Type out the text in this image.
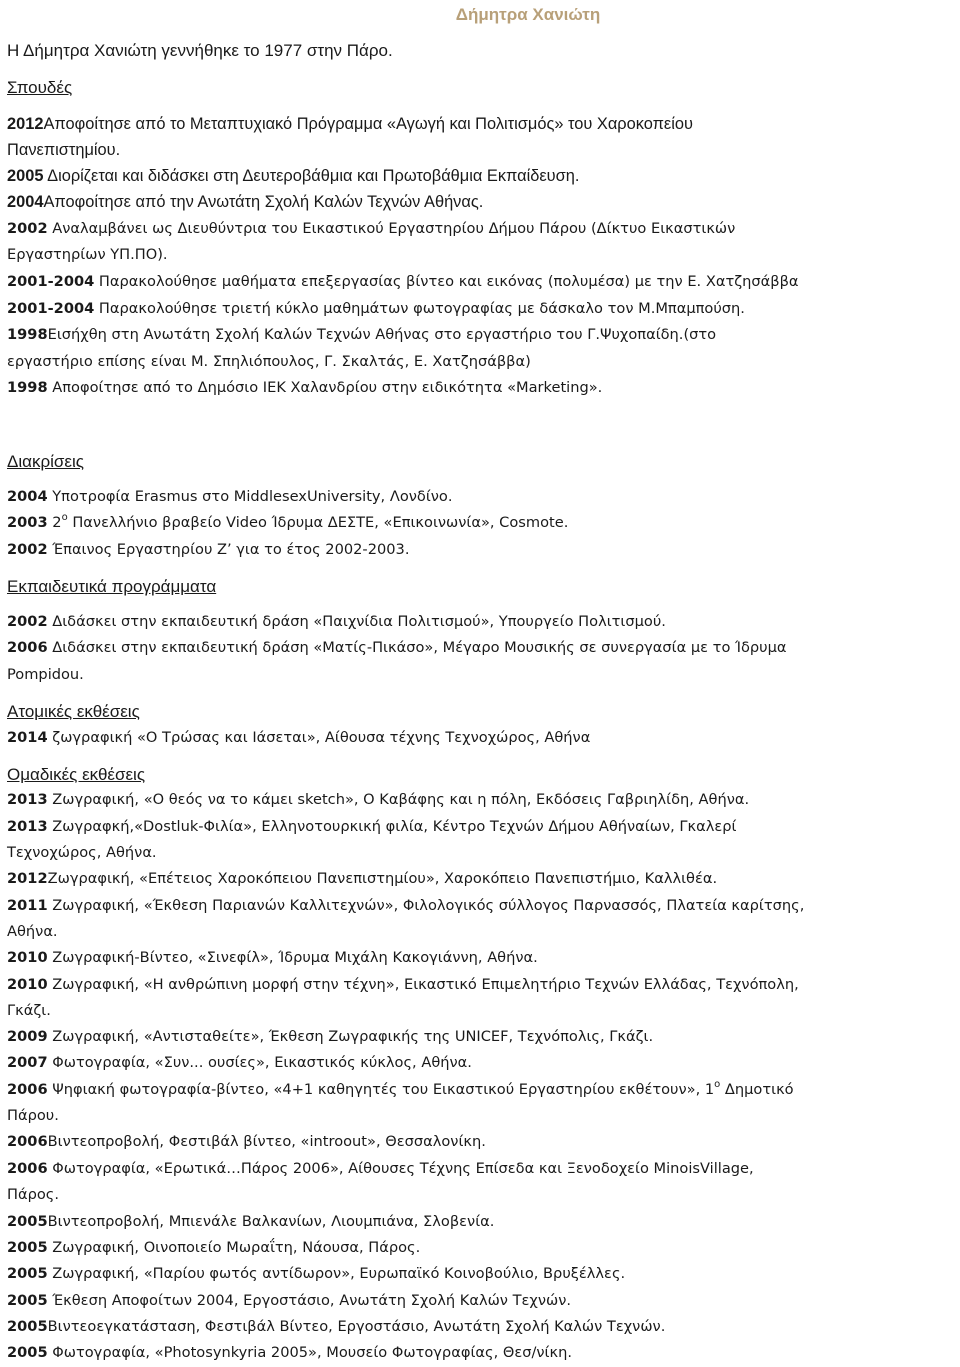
Δήμητρα Χανιώτη
Η Δήμητρα Χανιώτη γεννήθηκε το 1977 στην Πάρο.
Σπουδές
2012Αποφοίτησε από το Μεταπτυχιακό Πρόγραμμα «Αγωγή και Πολιτισμός» του Χαροκοπείου
Πανεπιστημίου.
2005 Διορίζεται και διδάσκει στη Δευτεροβάθμια και Πρωτοβάθμια Εκπαίδευση.
2004Αποφοίτησε από την Ανωτάτη Σχολή Καλών Τεχνών Αθήνας.
2002 Αναλαμβάνει ως Διευθύντρια του Εικαστικού Εργαστηρίου Δήμου Πάρου (Δίκτυο Εικαστικών
Εργαστηρίων ΥΠ.ΠΟ).
2001-2004 Παρακολούθησε μαθήματα επεξεργασίας βίντεο και εικόνας (πολυμέσα) με την Ε. Χατζησάββα
2001-2004 Παρακολούθησε τριετή κύκλο μαθημάτων φωτογραφίας με δάσκαλο τον Μ.Μπαμπούση.
1998Εισήχθη στη Ανωτάτη Σχολή Καλών Τεχνών Αθήνας στο εργαστήριο του Γ.Ψυχοπαίδη.(στο
εργαστήριο επίσης είναι Μ. Σπηλιόπουλος, Γ. Σκαλτάς, Ε. Χατζησάββα)
1998 Αποφοίτησε από το Δημόσιο ΙΕΚ Χαλανδρίου στην ειδικότητα «Marketing».
Διακρίσεις
2004 Υποτροφία Erasmus στο MiddlesexUniversity, Λονδίνο.
2003 $2^o$ Πανελλήνιο βραβείο Video Ίδρυμα ΔΕΣΤΕ, «Επικοινωνία», Cosmote.
2002 Έπαινος Εργαστηρίου Ζ’ για το έτος 2002-2003.
Εκπαιδευτικά προγράμματα
2002 Διδάσκει στην εκπαιδευτική δράση «Παιχνίδια Πολιτισμού», Υπουργείο Πολιτισμού.
2006 Διδάσκει στην εκπαιδευτική δράση «Ματίς-Πικάσο», Μέγαρο Μουσικής σε συνεργασία με το Ίδρυμα
Pompidou.
Ατομικές εκθέσεις
2014 ζωγραφική «Ο Τρώσας και Ιάσεται», Αίθουσα τέχνης Τεχνοχώρος, Αθήνα
Ομαδικές εκθέσεις
2013 Ζωγραφική, «Ο θεός να το κάμει sketch», Ο Καβάφης και η πόλη, Εκδόσεις Γαβριηλίδη, Αθήνα.
2013 Ζωγραφκή,«Dostluk-Φιλία», Ελληνοτουρκική φιλία, Κέντρο Τεχνών Δήμου Αθήναίων, Γκαλερί
Τεχνοχώρος, Αθήνα.
2012Ζωγραφική, «Επέτειος Χαροκόπειου Πανεπιστημίου», Χαροκόπειο Πανεπιστήμιο, Καλλιθέα.
2011 Ζωγραφική, «Έκθεση Παριανών Καλλιτεχνών», Φιλολογικός σύλλογος Παρνασσός, Πλατεία καρίτσης,
Αθήνα.
2010 Ζωγραφική-Βίντεο, «Σινεφίλ», Ίδρυμα Μιχάλη Κακογιάννη, Αθήνα.
2010 Ζωγραφική, «Η ανθρώπινη μορφή στην τέχνη», Εικαστικό Επιμελητήριο Τεχνών Ελλάδας, Τεχνόπολη,
Γκάζι.
2009 Ζωγραφική, «Αντισταθείτε», Έκθεση Ζωγραφικής της UNICEF, Τεχνόπολις, Γκάζι.
2007 Φωτογραφία, «Συν... ουσίες», Εικαστικός κύκλος, Αθήνα.
2006 Ψηφιακή φωτογραφία-βίντεο, «4+1 καθηγητές του Εικαστικού Εργαστηρίου εκθέτουν», $1^o$ Δημοτικό
Πάρου.
2006Βιντεοπροβολή, Φεστιβάλ βίντεο, «introout», Θεσσαλονίκη.
2006 Φωτογραφία, «Ερωτικά…Πάρος 2006», Αίθουσες Τέχνης Επίσεδα και Ξενοδοχείο MinoisVillage,
Πάρος.
2005Βιντεοπροβολή, Μπιενάλε Βαλκανίων, Λιουμπιάνα, Σλοβενία.
2005 Ζωγραφική, Οινοποιείο Μωραΐτη, Νάουσα, Πάρος.
2005 Ζωγραφική, «Παρίου φωτός αντίδωρον», Ευρωπαϊκό Κοινοβούλιο, Βρυξέλλες.
2005 Έκθεση Αποφοίτων 2004, Εργοστάσιο, Ανωτάτη Σχολή Καλών Τεχνών.
2005Βιντεοεγκατάσταση, Φεστιβάλ Βίντεο, Εργοστάσιο, Ανωτάτη Σχολή Καλών Τεχνών.
2005 Φωτογραφία, «Photosynkyria 2005», Μουσείο Φωτογραφίας, Θεσ/νίκη.
